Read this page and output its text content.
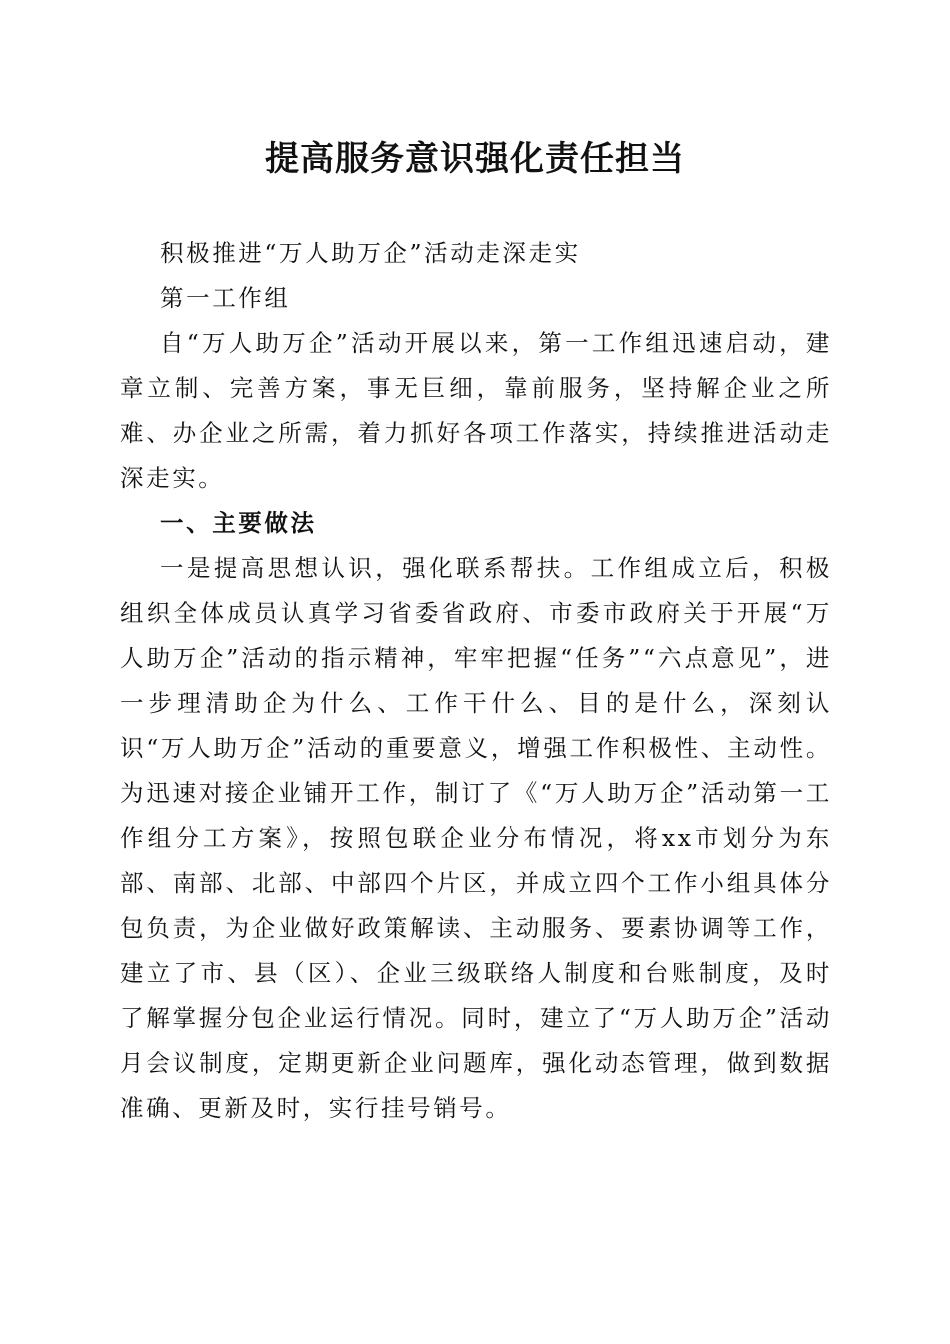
提高服务意识强化责任担当

积极推进“万人助万企”活动走深走实

第一工作组

自“万人助万企”活动开展以来，第一工作组迅速启动，建章立制、完善方案，事无巨细，靠前服务，坚持解企业之所难、办企业之所需，着力抓好各项工作落实，持续推进活动走深走实。

一、主要做法

一是提高思想认识，强化联系帮扶。工作组成立后，积极组织全体成员认真学习省委省政府、市委市政府关于开展“万人助万企”活动的指示精神，牢牢把握“任务”“六点意见”，进一步理清助企为什么、工作干什么、目的是什么，深刻认识“万人助万企”活动的重要意义，增强工作积极性、主动性。为迅速对接企业铺开工作，制订了《“万人助万企”活动第一工作组分工方案》，按照包联企业分布情况，将xx市划分为东部、南部、北部、中部四个片区，并成立四个工作小组具体分包负责，为企业做好政策解读、主动服务、要素协调等工作，建立了市、县（区）、企业三级联络人制度和台账制度，及时了解掌握分包企业运行情况。同时，建立了“万人助万企”活动月会议制度，定期更新企业问题库，强化动态管理，做到数据准确、更新及时，实行挂号销号。
